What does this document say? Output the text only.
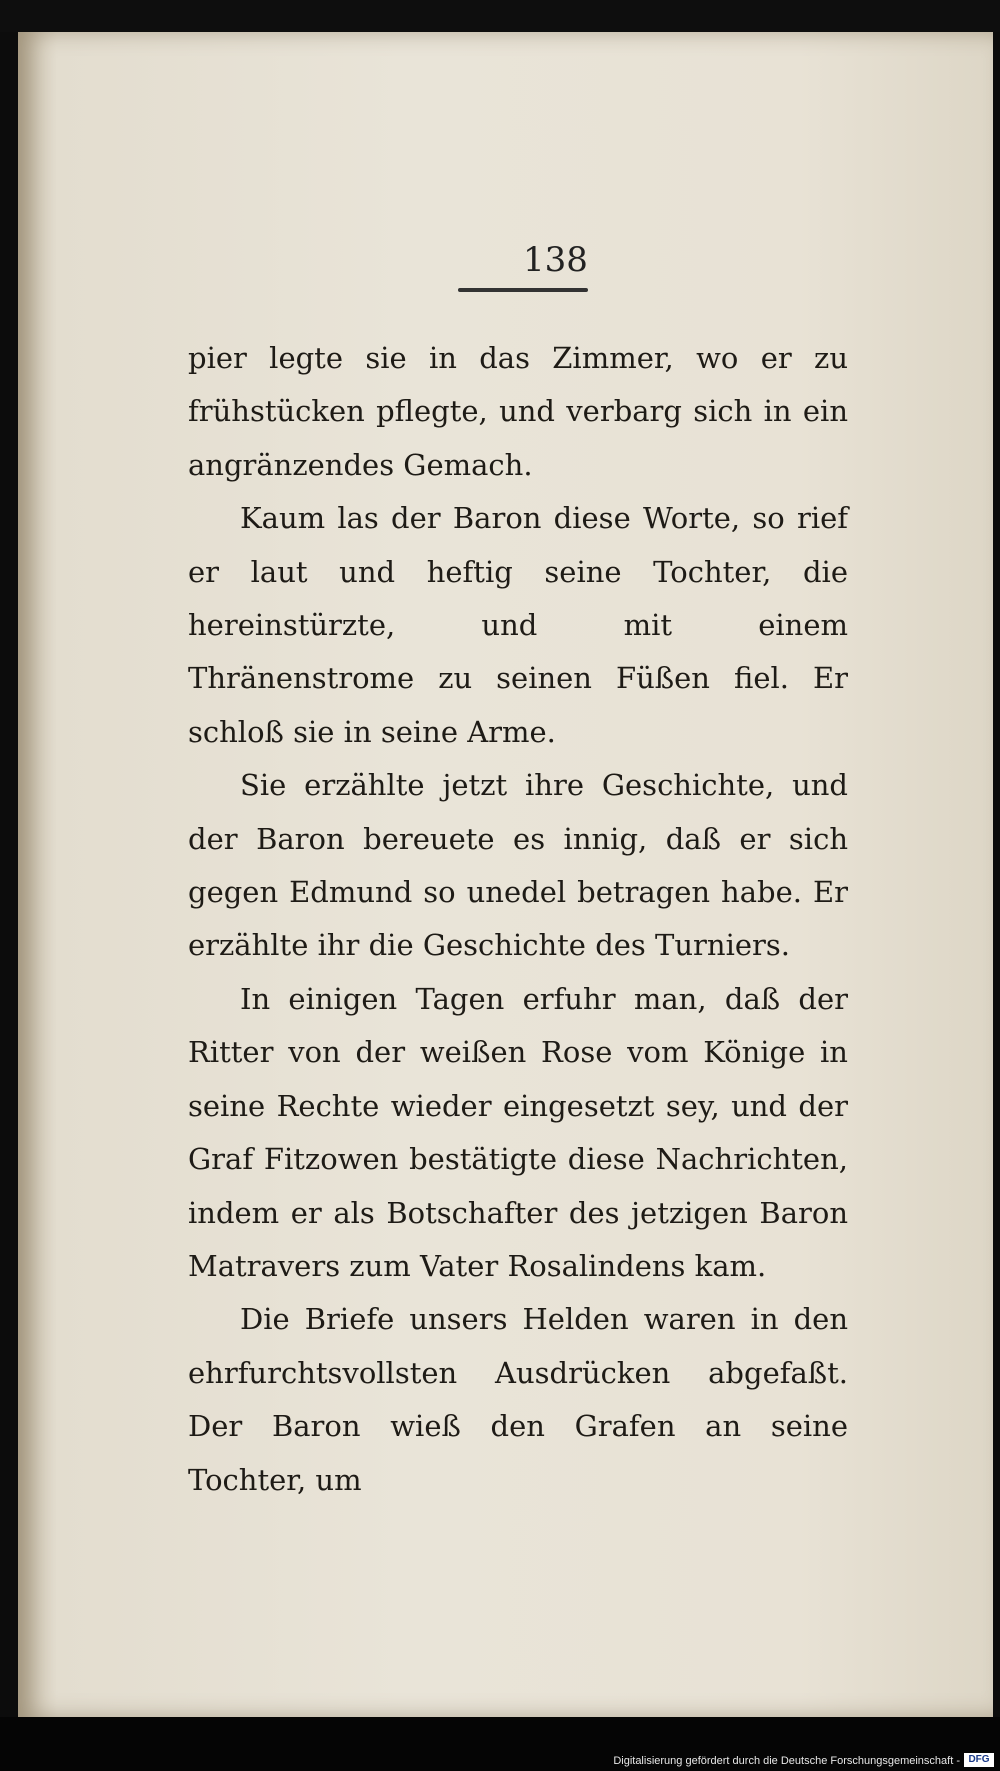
138

pier legte sie in das Zimmer, wo er zu frühstücken pflegte, und verbarg sich in ein angränzendes Gemach.

Kaum las der Baron diese Worte, so rief er laut und heftig seine Tochter, die hereinstürzte, und mit einem Thränenstrome zu seinen Füßen fiel. Er schloß sie in seine Arme.

Sie erzählte jetzt ihre Geschichte, und der Baron bereuete es innig, daß er sich gegen Edmund so unedel betragen habe. Er erzählte ihr die Geschichte des Turniers.

In einigen Tagen erfuhr man, daß der Ritter von der weißen Rose vom Könige in seine Rechte wieder eingesetzt sey, und der Graf Fitzowen bestätigte diese Nachrichten, indem er als Botschafter des jetzigen Baron Matravers zum Vater Rosalindens kam.

Die Briefe unsers Helden waren in den ehrfurchtsvollsten Ausdrücken abgefaßt. Der Baron wieß den Grafen an seine Tochter, um

Digitalisierung gefördert durch die Deutsche Forschungsgemeinschaft - DFG
